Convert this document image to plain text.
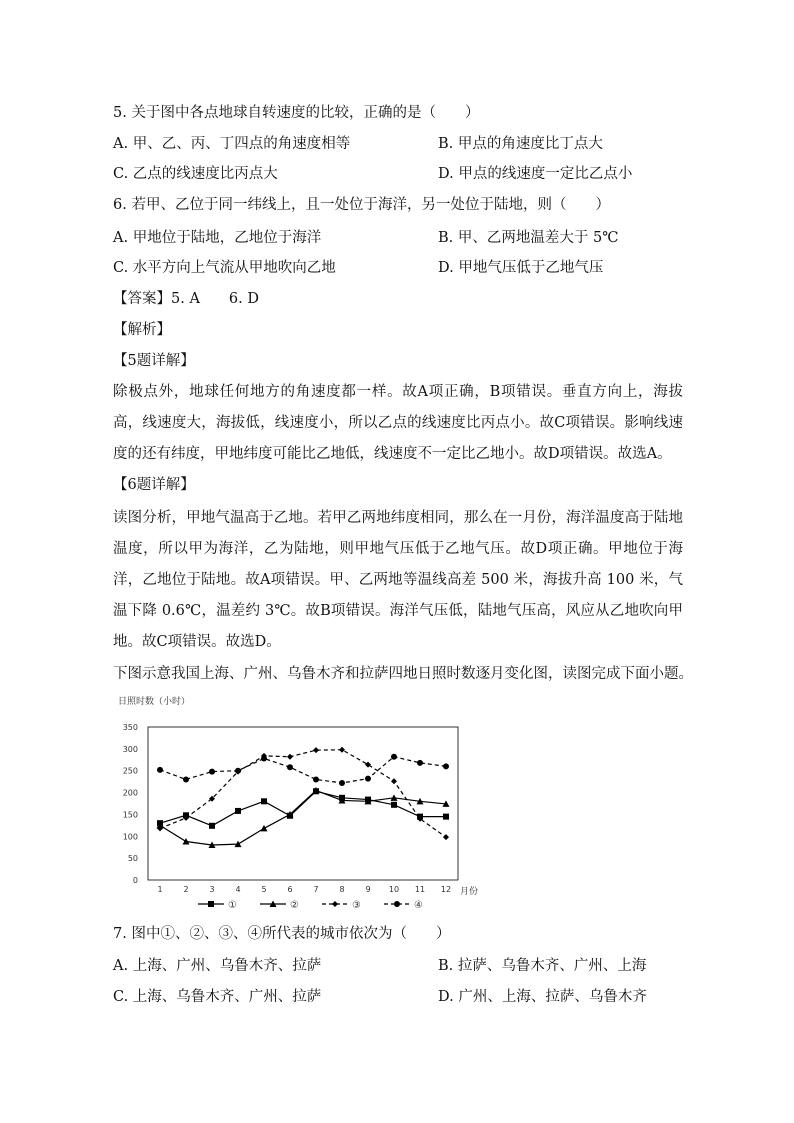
5. 关于图中各点地球自转速度的比较，正确的是（　　）
A. 甲、乙、丙、丁四点的角速度相等	B. 甲点的角速度比丁点大
C. 乙点的线速度比丙点大	D. 甲点的线速度一定比乙点小
6. 若甲、乙位于同一纬线上，且一处位于海洋，另一处位于陆地，则（　　）
A. 甲地位于陆地，乙地位于海洋	B. 甲、乙两地温差大于 5℃
C. 水平方向上气流从甲地吹向乙地	D. 甲地气压低于乙地气压
【答案】5. A　　6. D
【解析】
【5题详解】
除极点外，地球任何地方的角速度都一样。故A项正确，B项错误。垂直方向上，海拔高，线速度大，海拔低，线速度小，所以乙点的线速度比丙点小。故C项错误。影响线速度的还有纬度，甲地纬度可能比乙地低，线速度不一定比乙地小。故D项错误。故选A。
【6题详解】
读图分析，甲地气温高于乙地。若甲乙两地纬度相同，那么在一月份，海洋温度高于陆地温度，所以甲为海洋，乙为陆地，则甲地气压低于乙地气压。故D项正确。甲地位于海洋，乙地位于陆地。故A项错误。甲、乙两地等温线高差 500 米，海拔升高 100 米，气温下降 0.6℃，温差约 3℃。故B项错误。海洋气压低，陆地气压高，风应从乙地吹向甲地。故C项错误。故选D。
下图示意我国上海、广州、乌鲁木齐和拉萨四地日照时数逐月变化图，读图完成下面小题。
日照时数（小时）
0
50
100
150
200
250
300
350
1	2	3	4	5	6	7	8	9 10 11 12 月份
①	②	③	④
7. 图中①、②、③、④所代表的城市依次为（　　）
A. 上海、广州、乌鲁木齐、拉萨	B. 拉萨、乌鲁木齐、广州、上海
C. 上海、乌鲁木齐、广州、拉萨	D. 广州、上海、拉萨、乌鲁木齐
